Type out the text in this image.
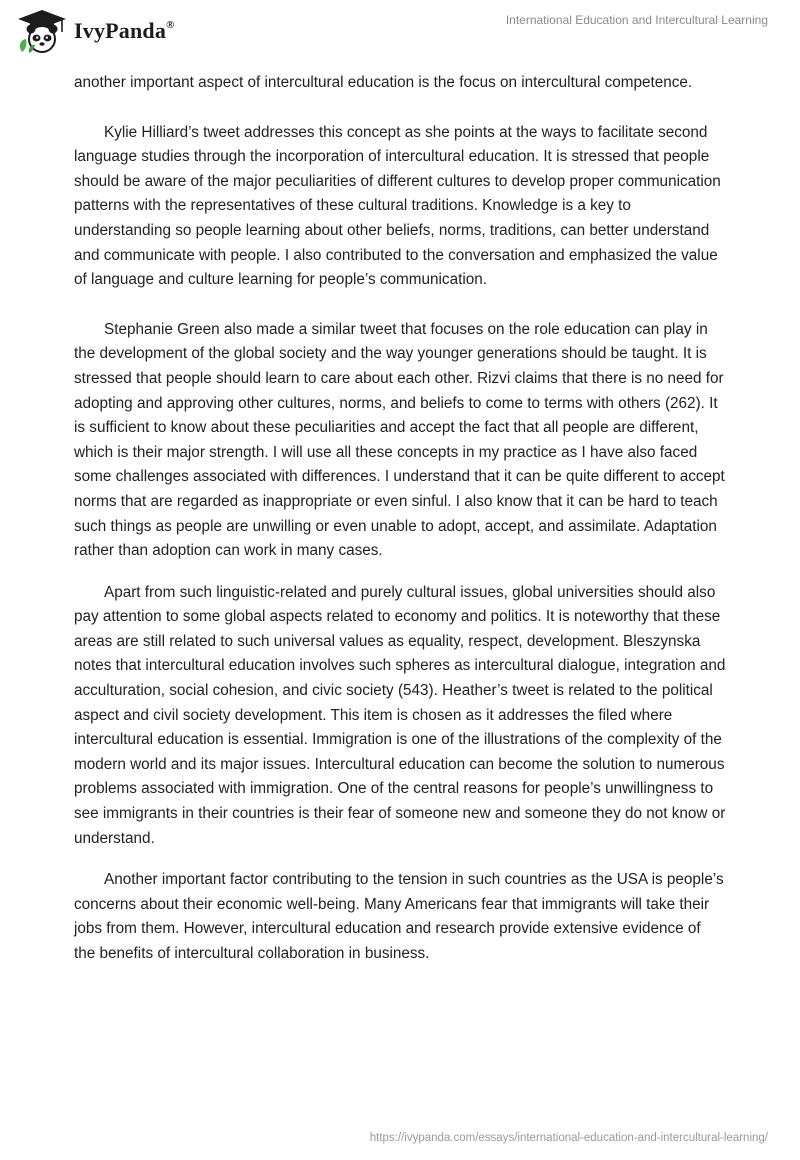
IvyPanda®	International Education and Intercultural Learning

another important aspect of intercultural education is the focus on intercultural competence.

Kylie Hilliard’s tweet addresses this concept as she points at the ways to facilitate second language studies through the incorporation of intercultural education. It is stressed that people should be aware of the major peculiarities of different cultures to develop proper communication patterns with the representatives of these cultural traditions. Knowledge is a key to understanding so people learning about other beliefs, norms, traditions, can better understand and communicate with people. I also contributed to the conversation and emphasized the value of language and culture learning for people’s communication.

Stephanie Green also made a similar tweet that focuses on the role education can play in the development of the global society and the way younger generations should be taught. It is stressed that people should learn to care about each other. Rizvi claims that there is no need for adopting and approving other cultures, norms, and beliefs to come to terms with others (262). It is sufficient to know about these peculiarities and accept the fact that all people are different, which is their major strength. I will use all these concepts in my practice as I have also faced some challenges associated with differences. I understand that it can be quite different to accept norms that are regarded as inappropriate or even sinful. I also know that it can be hard to teach such things as people are unwilling or even unable to adopt, accept, and assimilate. Adaptation rather than adoption can work in many cases.

Apart from such linguistic-related and purely cultural issues, global universities should also pay attention to some global aspects related to economy and politics. It is noteworthy that these areas are still related to such universal values as equality, respect, development. Bleszynska notes that intercultural education involves such spheres as intercultural dialogue, integration and acculturation, social cohesion, and civic society (543). Heather’s tweet is related to the political aspect and civil society development. This item is chosen as it addresses the filed where intercultural education is essential. Immigration is one of the illustrations of the complexity of the modern world and its major issues. Intercultural education can become the solution to numerous problems associated with immigration. One of the central reasons for people’s unwillingness to see immigrants in their countries is their fear of someone new and someone they do not know or understand.

Another important factor contributing to the tension in such countries as the USA is people’s concerns about their economic well-being. Many Americans fear that immigrants will take their jobs from them. However, intercultural education and research provide extensive evidence of the benefits of intercultural collaboration in business.

https://ivypanda.com/essays/international-education-and-intercultural-learning/
